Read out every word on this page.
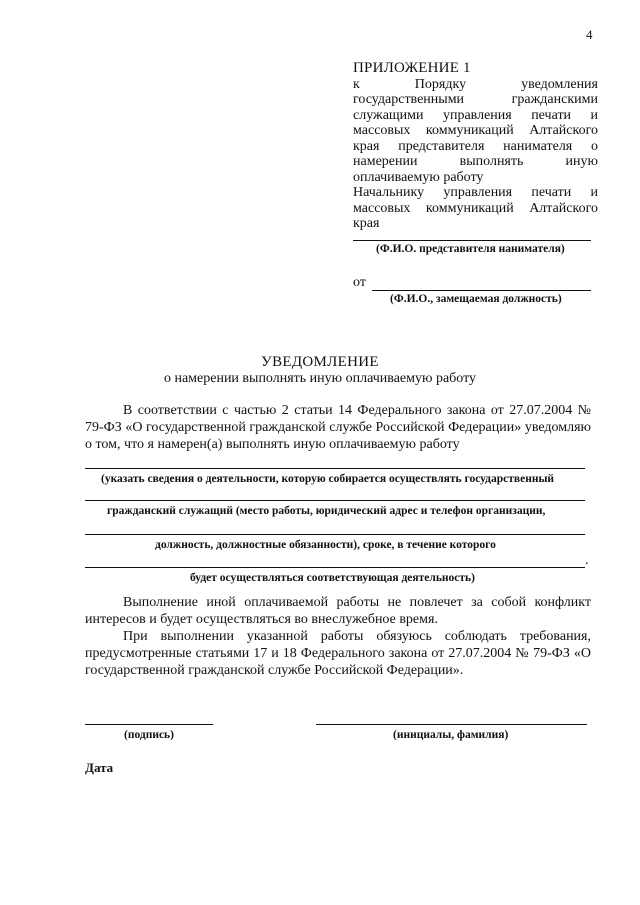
4
ПРИЛОЖЕНИЕ 1
к Порядку уведомления государственными гражданскими служащими управления печати и массовых коммуникаций Алтайского края представителя нанимателя о намерении выполнять иную оплачиваемую работу
Начальнику управления печати и массовых коммуникаций Алтайского края
(Ф.И.О. представителя нанимателя)
от
(Ф.И.О., замещаемая должность)
УВЕДОМЛЕНИЕ
о намерении выполнять иную оплачиваемую работу
В соответствии с частью 2 статьи 14 Федерального закона от 27.07.2004 № 79-ФЗ «О государственной гражданской службе Российской Федерации» уведомляю о том, что я намерен(а) выполнять иную оплачиваемую работу
(указать сведения о деятельности, которую собирается осуществлять государственный
гражданский служащий (место работы, юридический адрес и телефон организации,
должность, должностные обязанности), сроке, в течение которого
.
будет осуществляться соответствующая деятельность)
Выполнение иной оплачиваемой работы не повлечет за собой конфликт интересов и будет осуществляться во внеслужебное время.
При выполнении указанной работы обязуюсь соблюдать требования, предусмотренные статьями 17 и 18 Федерального закона от 27.07.2004 № 79-ФЗ «О государственной гражданской службе Российской Федерации».
(подпись)	(инициалы, фамилия)
Дата
